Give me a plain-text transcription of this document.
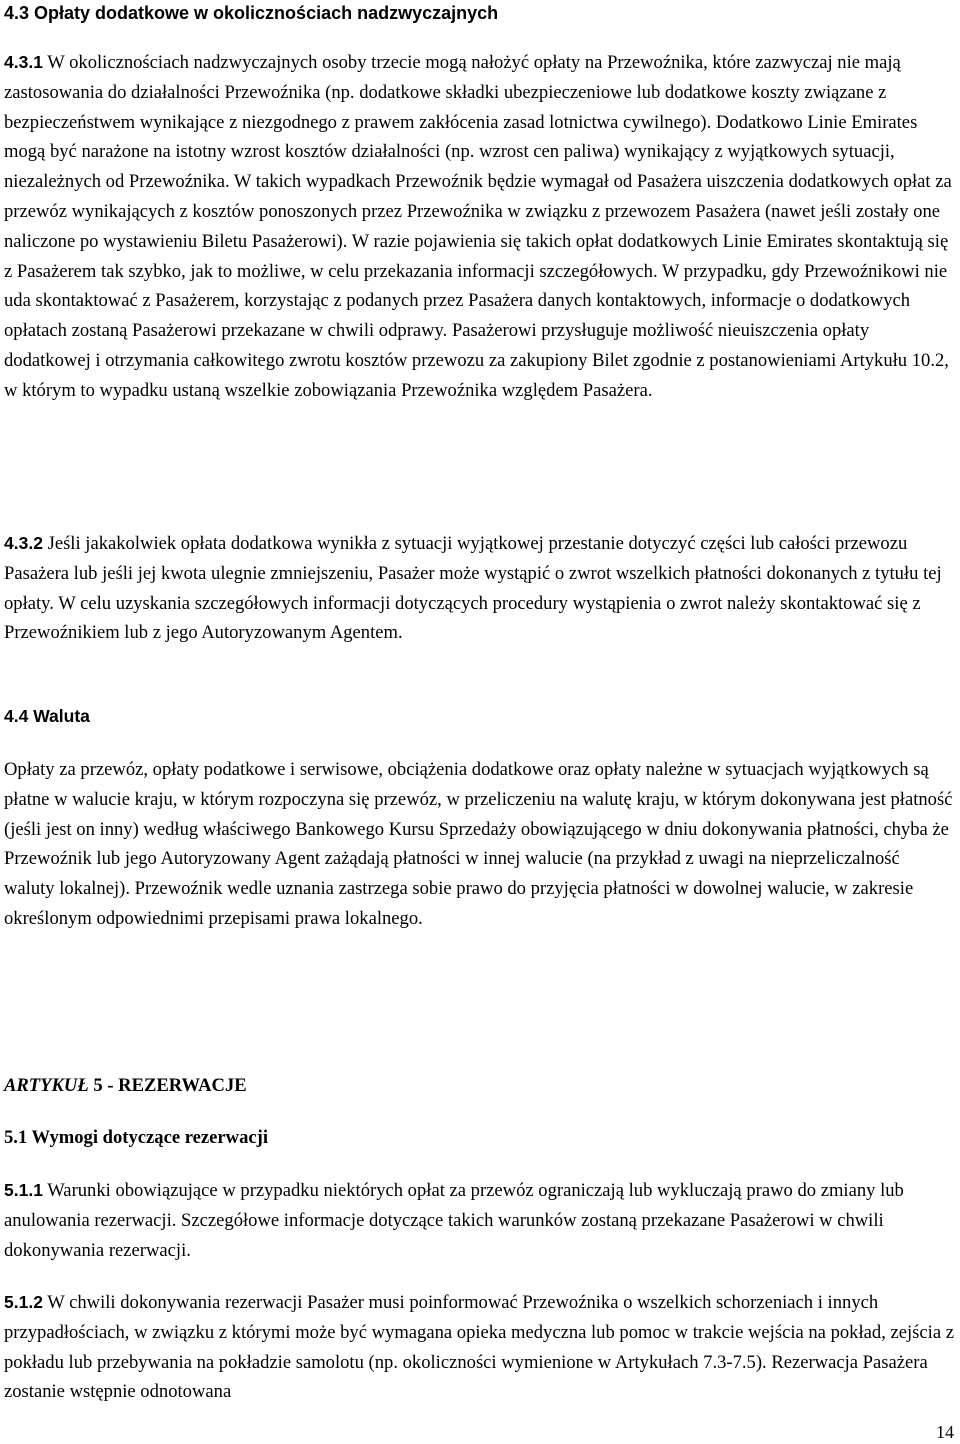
4.3 Opłaty dodatkowe w okolicznościach nadzwyczajnych

4.3.1 W okolicznościach nadzwyczajnych osoby trzecie mogą nałożyć opłaty na Przewoźnika, które zazwyczaj nie mają zastosowania do działalności Przewoźnika (np. dodatkowe składki ubezpieczeniowe lub dodatkowe koszty związane z bezpieczeństwem wynikające z niezgodnego z prawem zakłócenia zasad lotnictwa cywilnego). Dodatkowo Linie Emirates mogą być narażone na istotny wzrost kosztów działalności (np. wzrost cen paliwa) wynikający z wyjątkowych sytuacji, niezależnych od Przewoźnika. W takich wypadkach Przewoźnik będzie wymagał od Pasażera uiszczenia dodatkowych opłat za przewóz wynikających z kosztów ponoszonych przez Przewoźnika w związku z przewozem Pasażera (nawet jeśli zostały one naliczone po wystawieniu Biletu Pasażerowi). W razie pojawienia się takich opłat dodatkowych Linie Emirates skontaktują się z Pasażerem tak szybko, jak to możliwe, w celu przekazania informacji szczegółowych. W przypadku, gdy Przewoźnikowi nie uda skontaktować z Pasażerem, korzystając z podanych przez Pasażera danych kontaktowych, informacje o dodatkowych opłatach zostaną Pasażerowi przekazane w chwili odprawy. Pasażerowi przysługuje możliwość nieuiszczenia opłaty dodatkowej i otrzymania całkowitego zwrotu kosztów przewozu za zakupiony Bilet zgodnie z postanowieniami Artykułu 10.2, w którym to wypadku ustaną wszelkie zobowiązania Przewoźnika względem Pasażera.

4.3.2 Jeśli jakakolwiek opłata dodatkowa wynikła z sytuacji wyjątkowej przestanie dotyczyć części lub całości przewozu Pasażera lub jeśli jej kwota ulegnie zmniejszeniu, Pasażer może wystąpić o zwrot wszelkich płatności dokonanych z tytułu tej opłaty. W celu uzyskania szczegółowych informacji dotyczących procedury wystąpienia o zwrot należy skontaktować się z Przewoźnikiem lub z jego Autoryzowanym Agentem.

4.4 Waluta

Opłaty za przewóz, opłaty podatkowe i serwisowe, obciążenia dodatkowe oraz opłaty należne w sytuacjach wyjątkowych są płatne w walucie kraju, w którym rozpoczyna się przewóz, w przeliczeniu na walutę kraju, w którym dokonywana jest płatność (jeśli jest on inny) według właściwego Bankowego Kursu Sprzedaży obowiązującego w dniu dokonywania płatności, chyba że Przewoźnik lub jego Autoryzowany Agent zażądają płatności w innej walucie (na przykład z uwagi na nieprzeliczalność waluty lokalnej). Przewoźnik wedle uznania zastrzega sobie prawo do przyjęcia płatności w dowolnej walucie, w zakresie określonym odpowiednimi przepisami prawa lokalnego.

ARTYKUŁ 5 - REZERWACJE

5.1 Wymogi dotyczące rezerwacji

5.1.1 Warunki obowiązujące w przypadku niektórych opłat za przewóz ograniczają lub wykluczają prawo do zmiany lub anulowania rezerwacji. Szczegółowe informacje dotyczące takich warunków zostaną przekazane Pasażerowi w chwili dokonywania rezerwacji.

5.1.2 W chwili dokonywania rezerwacji Pasażer musi poinformować Przewoźnika o wszelkich schorzeniach i innych przypadłościach, w związku z którymi może być wymagana opieka medyczna lub pomoc w trakcie wejścia na pokład, zejścia z pokładu lub przebywania na pokładzie samolotu (np. okoliczności wymienione w Artykułach 7.3-7.5). Rezerwacja Pasażera zostanie wstępnie odnotowana

14
